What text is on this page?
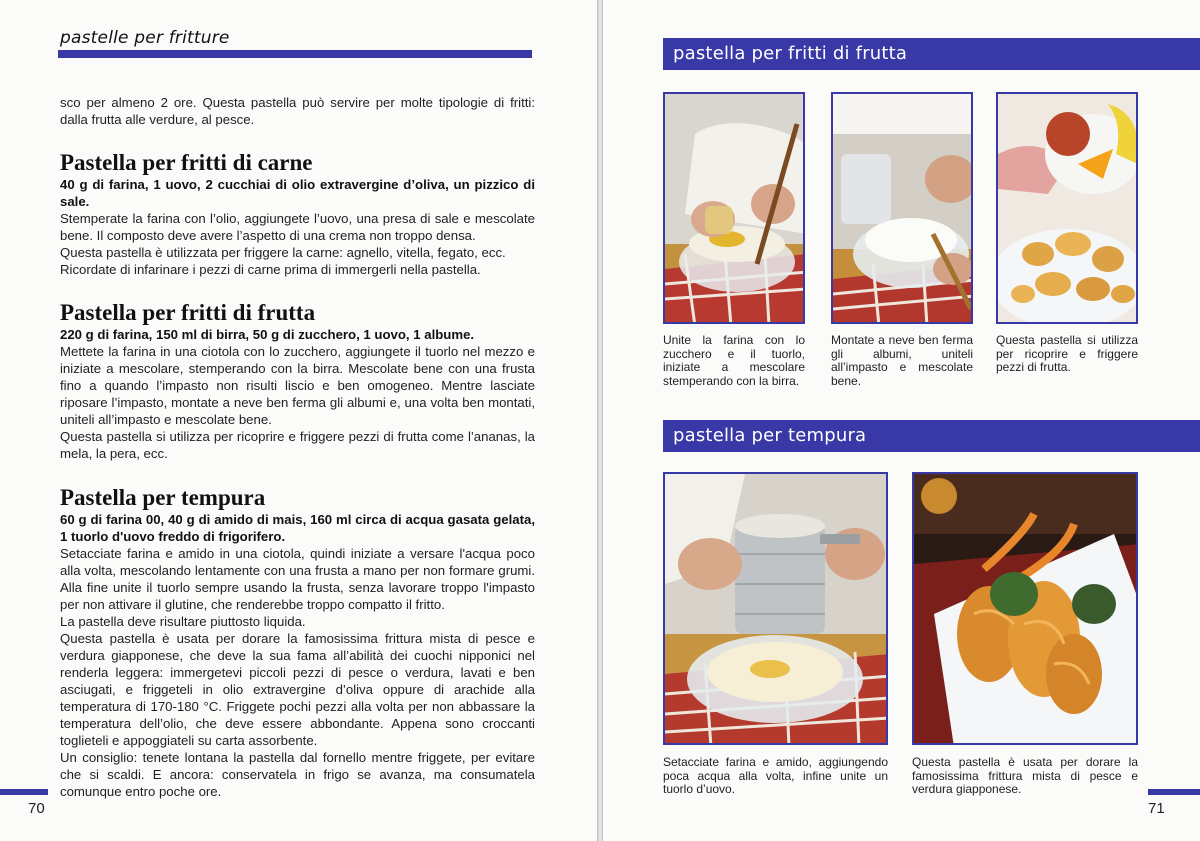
pastelle per fritture

sco per almeno 2 ore. Questa pastella può servire per molte tipologie di fritti: dalla frutta alle verdure, al pesce.

Pastella per fritti di carne

40 g di farina, 1 uovo, 2 cucchiai di olio extravergine d’oliva, un pizzico di sale.

Stemperate la farina con l’olio, aggiungete l’uovo, una presa di sale e mescolate bene. Il composto deve avere l’aspetto di una crema non troppo densa.

Questa pastella è utilizzata per friggere la carne: agnello, vitella, fegato, ecc.

Ricordate di infarinare i pezzi di carne prima di immergerli nella pastella.

Pastella per fritti di frutta

220 g di farina, 150 ml di birra, 50 g di zucchero, 1 uovo, 1 albume.

Mettete la farina in una ciotola con lo zucchero, aggiungete il tuorlo nel mezzo e iniziate a mescolare, stemperando con la birra. Mescolate bene con una frusta fino a quando l’impasto non risulti liscio e ben omogeneo. Mentre lasciate riposare l’impasto, montate a neve ben ferma gli albumi e, una volta ben montati, uniteli all’impasto e mescolate bene.

Questa pastella si utilizza per ricoprire e friggere pezzi di frutta come l’ananas, la mela, la pera, ecc.

Pastella per tempura

60 g di farina 00, 40 g di amido di mais, 160 ml circa di acqua gasata gelata, 1 tuorlo d'uovo freddo di frigorifero.

Setacciate farina e amido in una ciotola, quindi iniziate a versare l'acqua poco alla volta, mescolando lentamente con una frusta a mano per non formare grumi. Alla fine unite il tuorlo sempre usando la frusta, senza lavorare troppo l'impasto per non attivare il glutine, che renderebbe troppo compatto il fritto.

La pastella deve risultare piuttosto liquida.

Questa pastella è usata per dorare la famosissima frittura mista di pesce e verdura giapponese, che deve la sua fama all’abilità dei cuochi nipponici nel renderla leggera: immergetevi piccoli pezzi di pesce o verdura, lavati e ben asciugati, e friggeteli in olio extravergine d’oliva oppure di arachide alla temperatura di 170-180 °C. Friggete pochi pezzi alla volta per non abbassare la temperatura dell’olio, che deve essere abbondante. Appena sono croccanti toglieteli e appoggiateli su carta assorbente.

Un consiglio: tenete lontana la pastella dal fornello mentre friggete, per evitare che si scaldi. E ancora: conservatela in frigo se avanza, ma consumatela comunque entro poche ore.

70
pastella per fritti di frutta
Unite la farina con lo zucchero e il tuorlo, iniziate a mescolare stemperando con la birra.
Montate a neve ben ferma gli albumi, uniteli all’impasto e mescolate bene.
Questa pastella si utilizza per ricoprire e friggere pezzi di frutta.
pastella per tempura
Setacciate farina e amido, aggiungendo poca acqua alla volta, infine unite un tuorlo d’uovo.
Questa pastella è usata per dorare la famosissima frittura mista di pesce e verdura giapponese.
71
